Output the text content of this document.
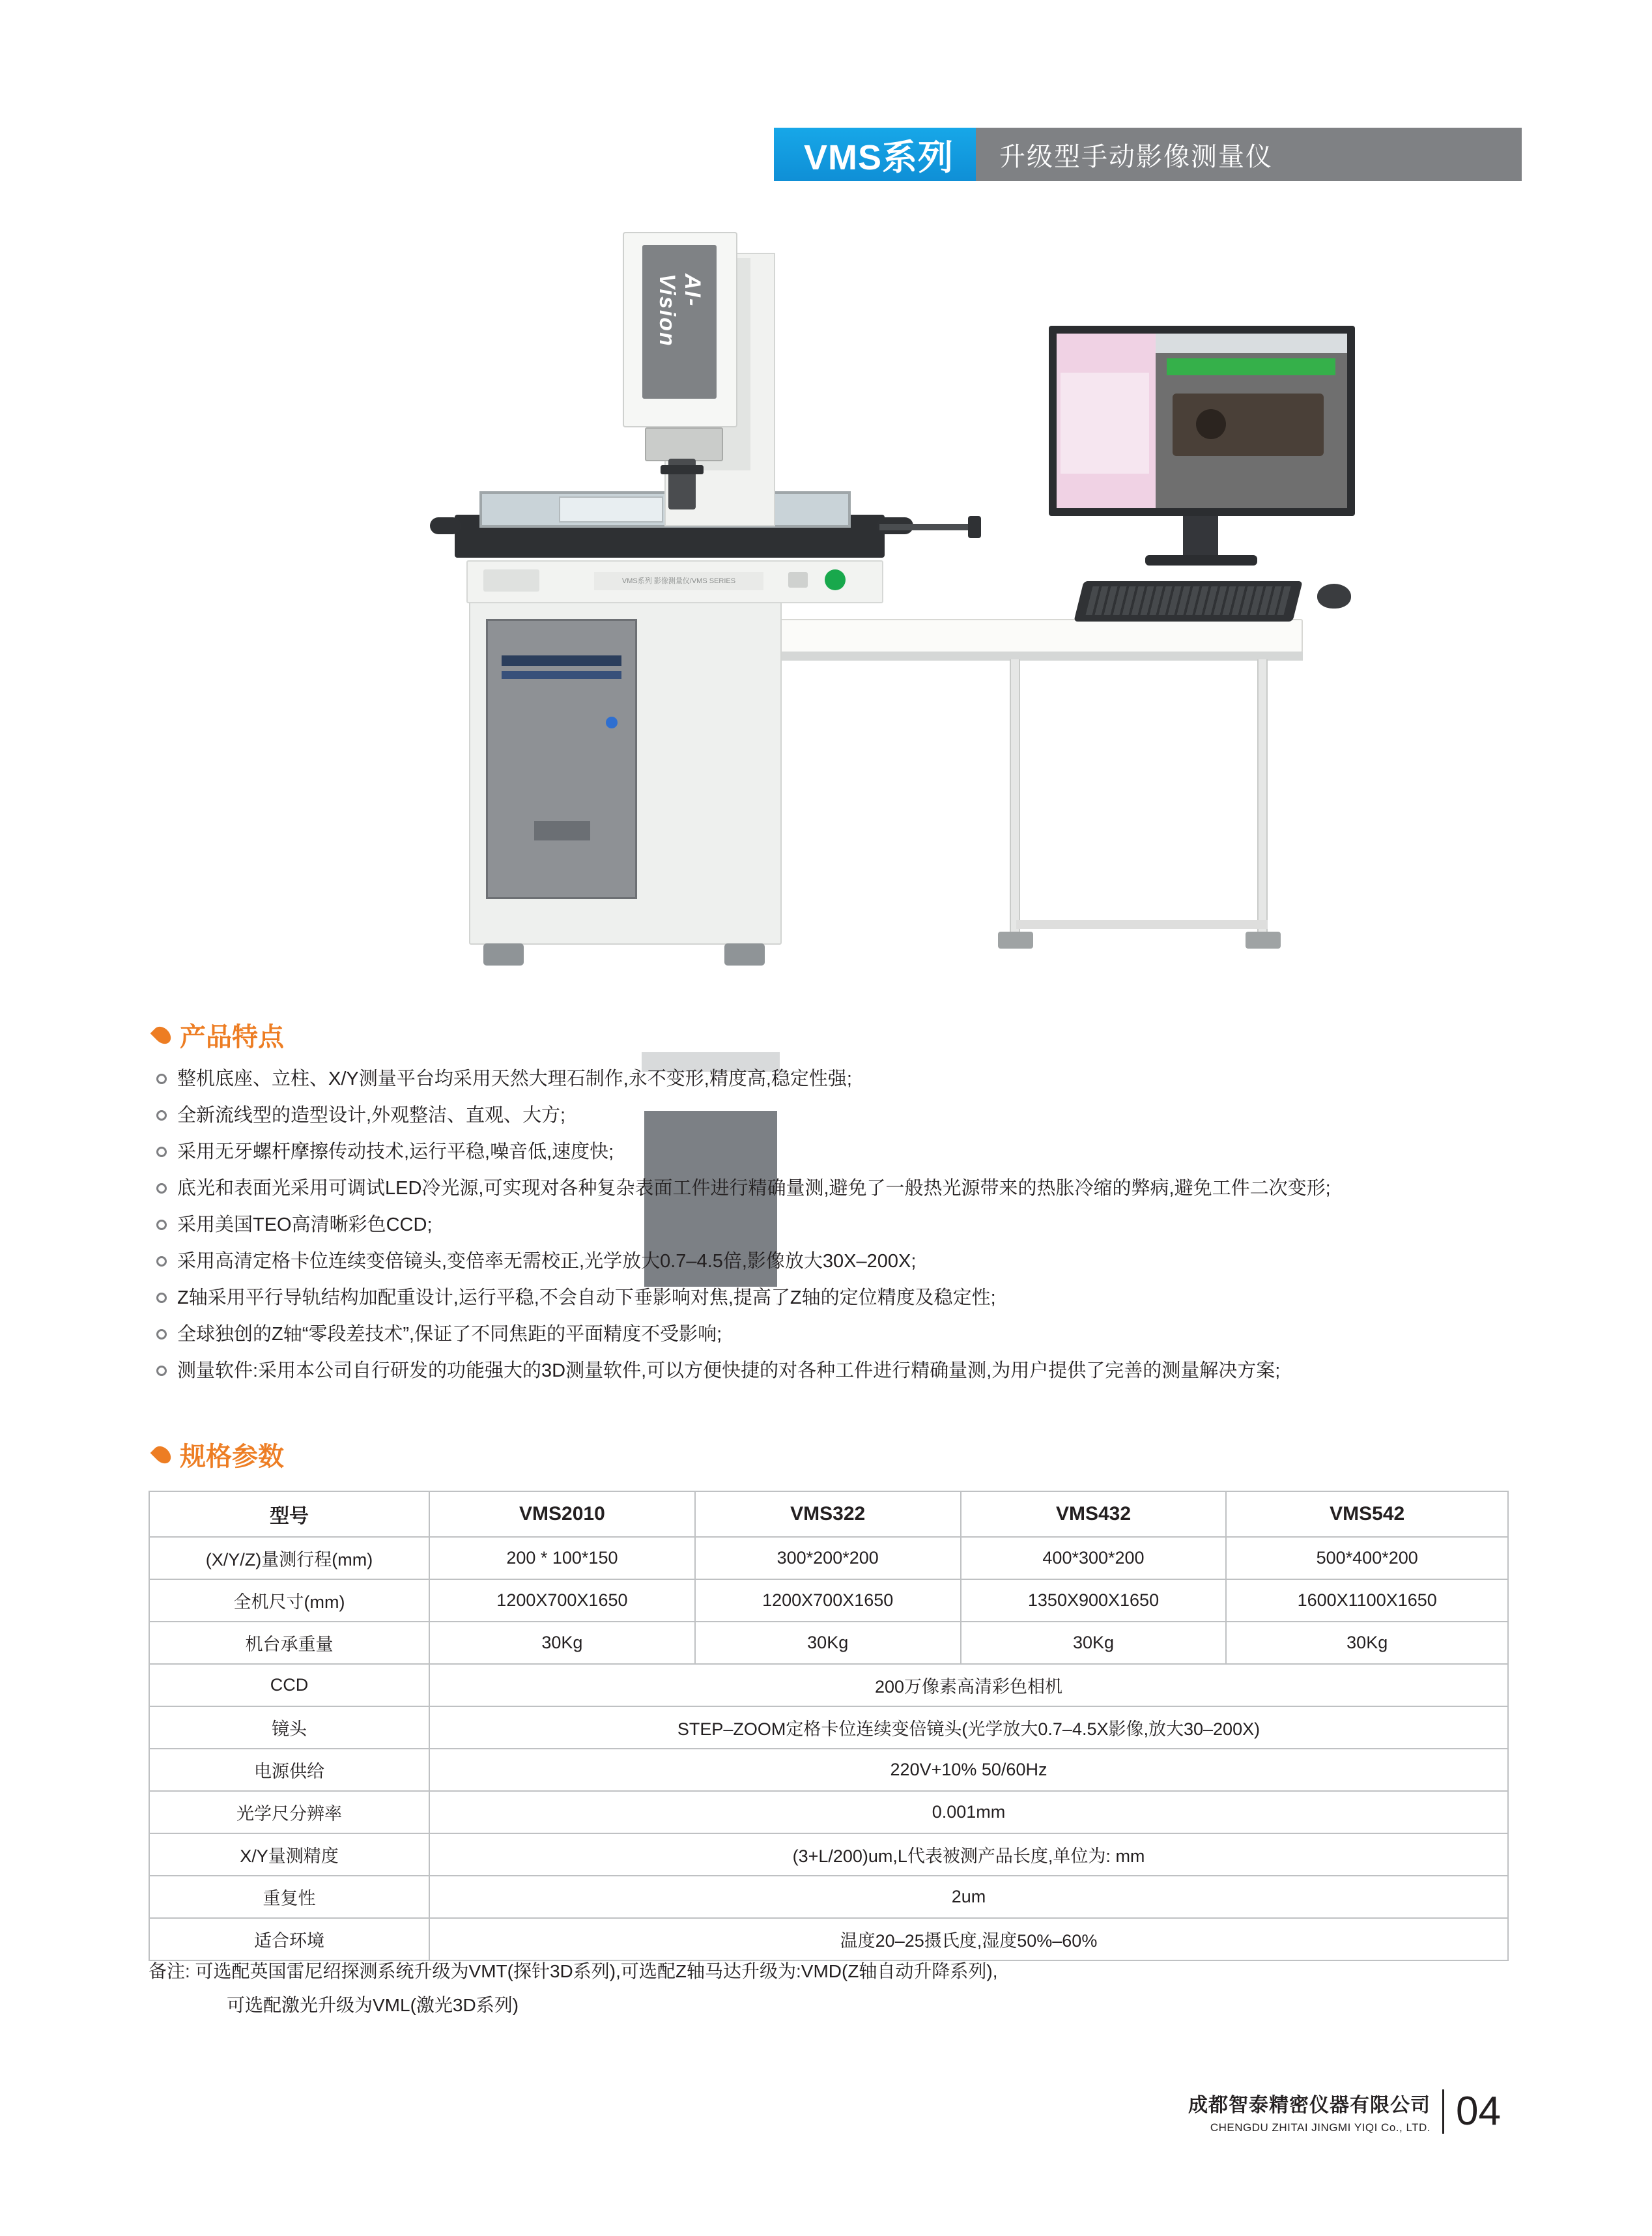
VMS系列	升级型手动影像测量仪
VMS系列 影像测量仪/VMS SERIES
AI-Vision
产品特点
整机底座、立柱、X/Y测量平台均采用天然大理石制作,永不变形,精度高,稳定性强;
全新流线型的造型设计,外观整洁、直观、大方;
采用无牙螺杆摩擦传动技术,运行平稳,噪音低,速度快;
底光和表面光采用可调试LED冷光源,可实现对各种复杂表面工件进行精确量测,避免了一般热光源带来的热胀冷缩的弊病,避免工件二次变形;
采用美国TEO高清晰彩色CCD;
采用高清定格卡位连续变倍镜头,变倍率无需校正,光学放大0.7–4.5倍,影像放大30X–200X;
Z轴采用平行导轨结构加配重设计,运行平稳,不会自动下垂影响对焦,提高了Z轴的定位精度及稳定性;
全球独创的Z轴“零段差技术”,保证了不同焦距的平面精度不受影响;
测量软件:采用本公司自行研发的功能强大的3D测量软件,可以方便快捷的对各种工件进行精确量测,为用户提供了完善的测量解决方案;
规格参数
型号	VMS2010	VMS322	VMS432	VMS542
(X/Y/Z)量测行程(mm)	200 * 100*150	300*200*200	400*300*200	500*400*200
全机尺寸(mm)	1200X700X1650	1200X700X1650	1350X900X1650	1600X1100X1650
机台承重量	30Kg	30Kg	30Kg	30Kg
CCD	200万像素高清彩色相机			
镜头	STEP–ZOOM定格卡位连续变倍镜头(光学放大0.7–4.5X影像,放大30–200X)			
电源供给	220V+10% 50/60Hz			
光学尺分辨率	0.001mm			
X/Y量测精度	(3+L/200)um,L代表被测产品长度,单位为: mm			
重复性	2um			
适合环境	温度20–25摄氏度,湿度50%–60%			
备注: 可选配英国雷尼绍探测系统升级为VMT(探针3D系列),可选配Z轴马达升级为:VMD(Z轴自动升降系列),
可选配激光升级为VML(激光3D系列)
成都智泰精密仪器有限公司
CHENGDU ZHITAI JINGMI YIQI Co., LTD. 04
